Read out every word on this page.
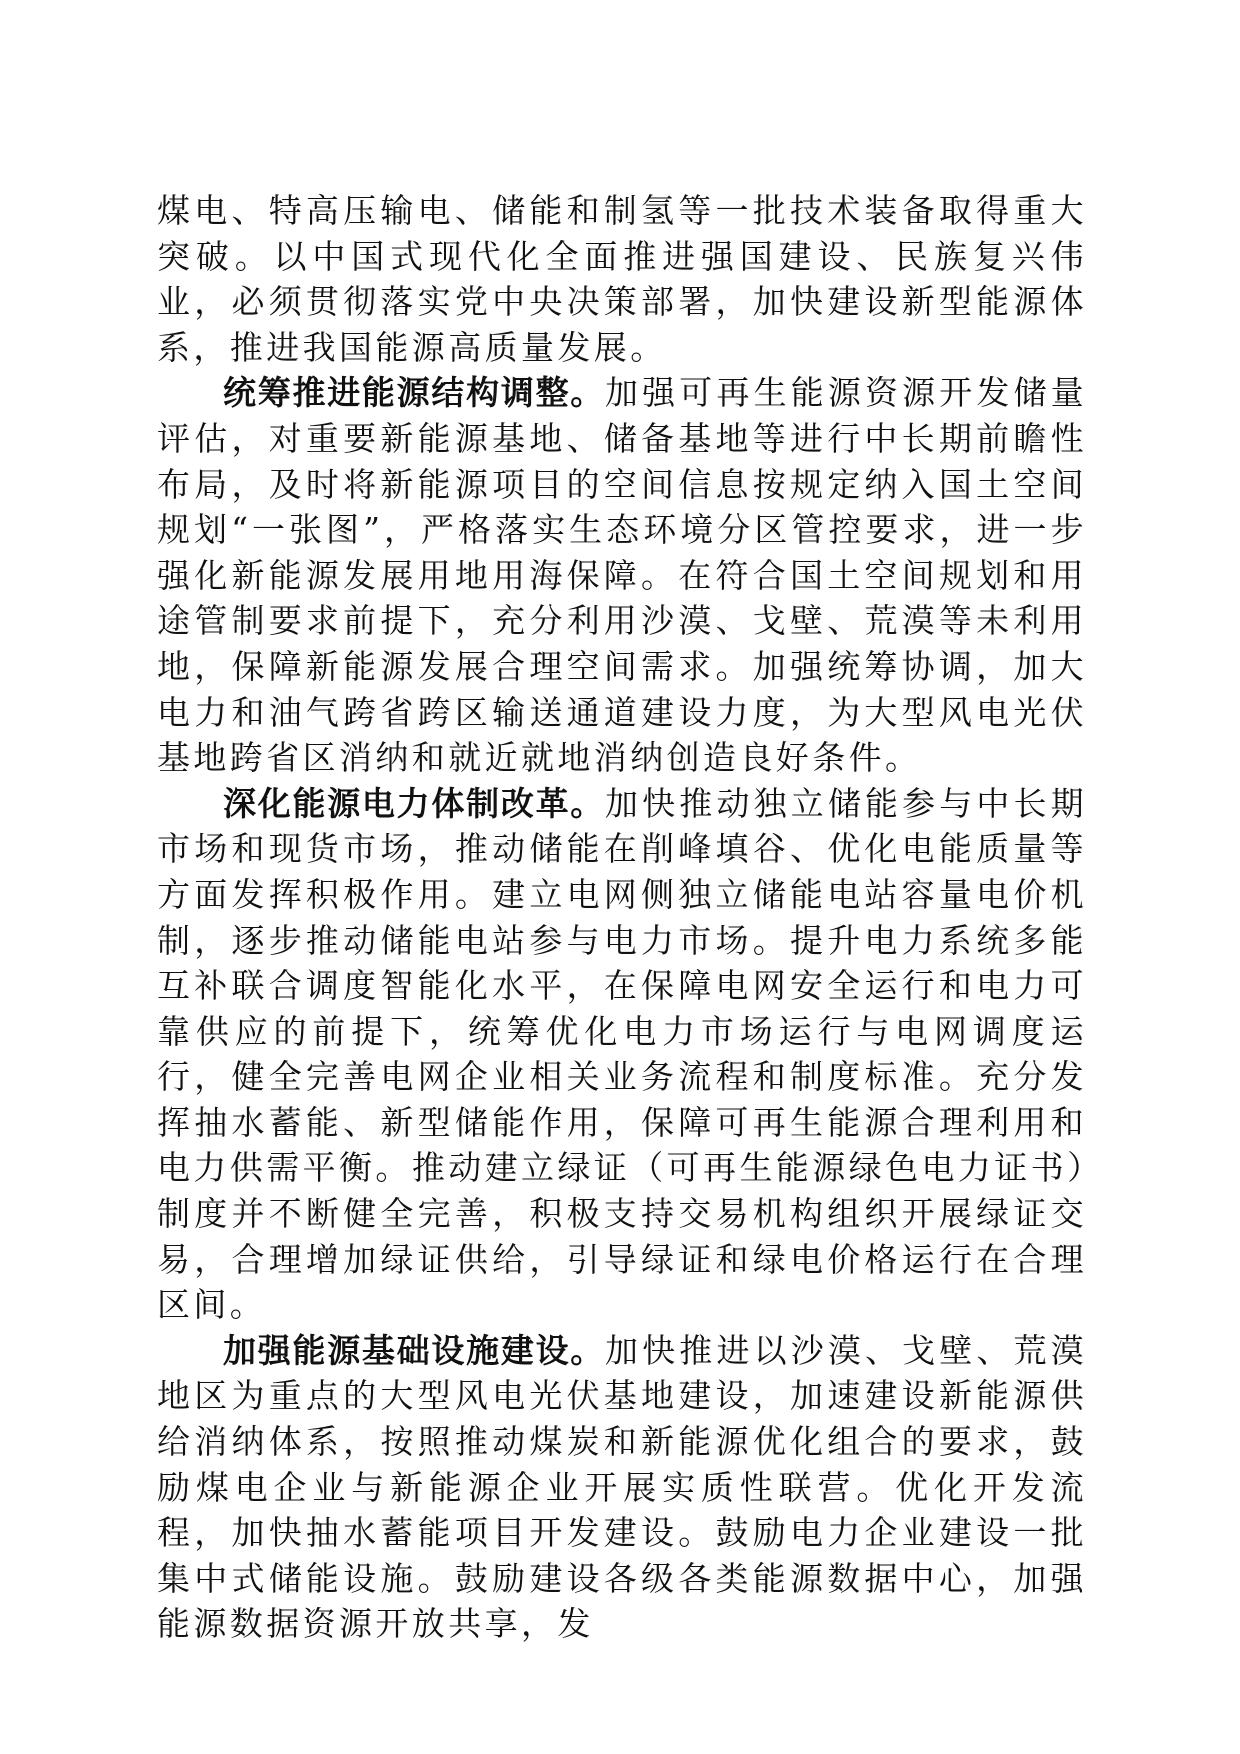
煤电、特高压输电、储能和制氢等一批技术装备取得重大突破。以中国式现代化全面推进强国建设、民族复兴伟业，必须贯彻落实党中央决策部署，加快建设新型能源体系，推进我国能源高质量发展。

统筹推进能源结构调整。加强可再生能源资源开发储量评估，对重要新能源基地、储备基地等进行中长期前瞻性布局，及时将新能源项目的空间信息按规定纳入国土空间规划“一张图”，严格落实生态环境分区管控要求，进一步强化新能源发展用地用海保障。在符合国土空间规划和用途管制要求前提下，充分利用沙漠、戈壁、荒漠等未利用地，保障新能源发展合理空间需求。加强统筹协调，加大电力和油气跨省跨区输送通道建设力度，为大型风电光伏基地跨省区消纳和就近就地消纳创造良好条件。

深化能源电力体制改革。加快推动独立储能参与中长期市场和现货市场，推动储能在削峰填谷、优化电能质量等方面发挥积极作用。建立电网侧独立储能电站容量电价机制，逐步推动储能电站参与电力市场。提升电力系统多能互补联合调度智能化水平，在保障电网安全运行和电力可靠供应的前提下，统筹优化电力市场运行与电网调度运行，健全完善电网企业相关业务流程和制度标准。充分发挥抽水蓄能、新型储能作用，保障可再生能源合理利用和电力供需平衡。推动建立绿证（可再生能源绿色电力证书）制度并不断健全完善，积极支持交易机构组织开展绿证交易，合理增加绿证供给，引导绿证和绿电价格运行在合理区间。

加强能源基础设施建设。加快推进以沙漠、戈壁、荒漠地区为重点的大型风电光伏基地建设，加速建设新能源供给消纳体系，按照推动煤炭和新能源优化组合的要求，鼓励煤电企业与新能源企业开展实质性联营。优化开发流程，加快抽水蓄能项目开发建设。鼓励电力企业建设一批集中式储能设施。鼓励建设各级各类能源数据中心，加强能源数据资源开放共享，发
